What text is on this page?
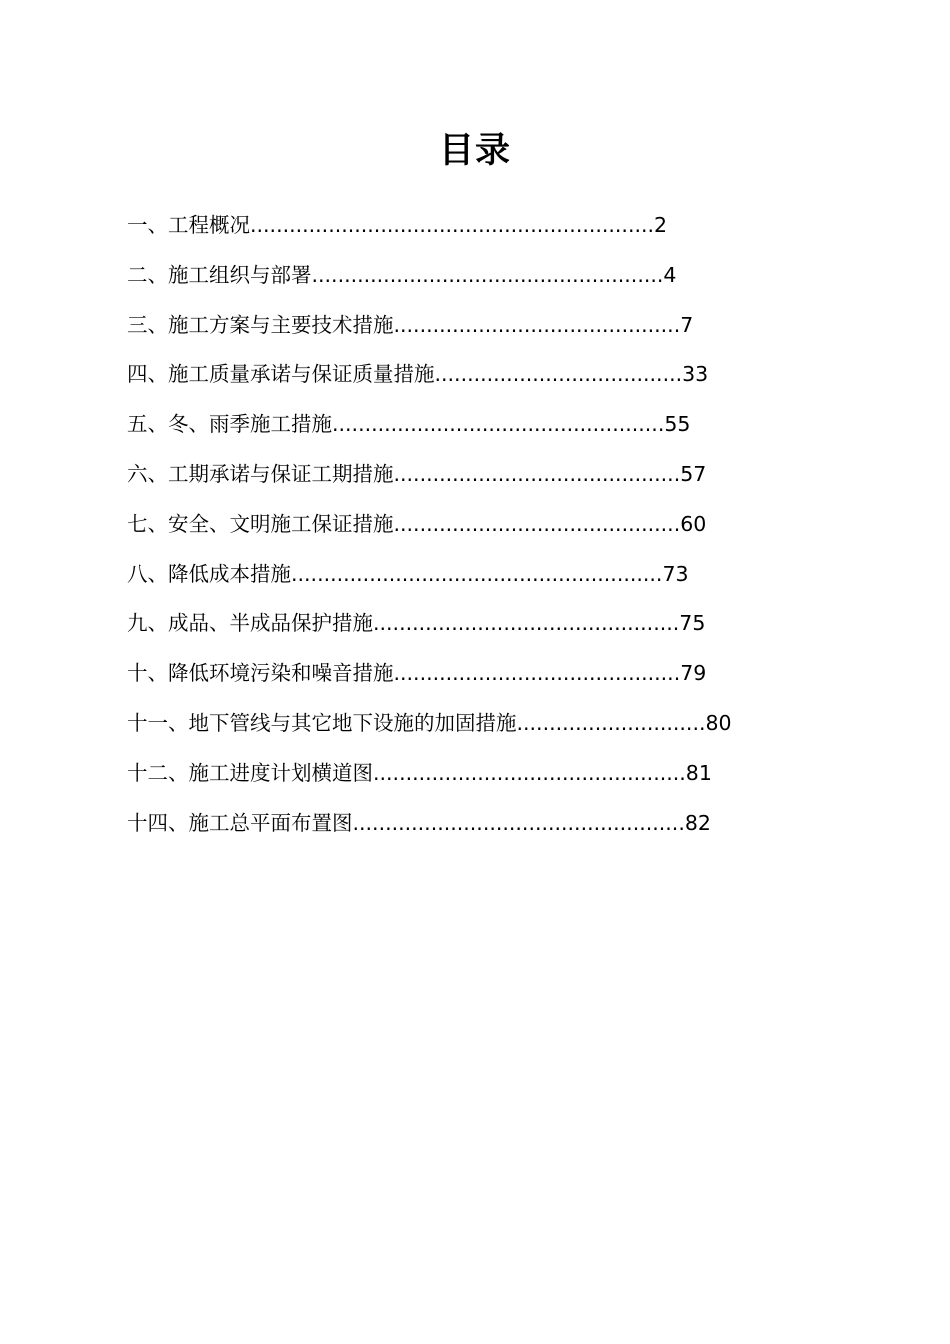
目录
一、工程概况..............................................................2
二、施工组织与部署......................................................4
三、施工方案与主要技术措施............................................7
四、施工质量承诺与保证质量措施......................................33
五、冬、雨季施工措施...................................................55
六、工期承诺与保证工期措施............................................57
七、安全、文明施工保证措施............................................60
八、降低成本措施.........................................................73
九、成品、半成品保护措施...............................................75
十、降低环境污染和噪音措施............................................79
十一、地下管线与其它地下设施的加固措施.............................80
十二、施工进度计划横道图................................................81
十四、施工总平面布置图...................................................82
